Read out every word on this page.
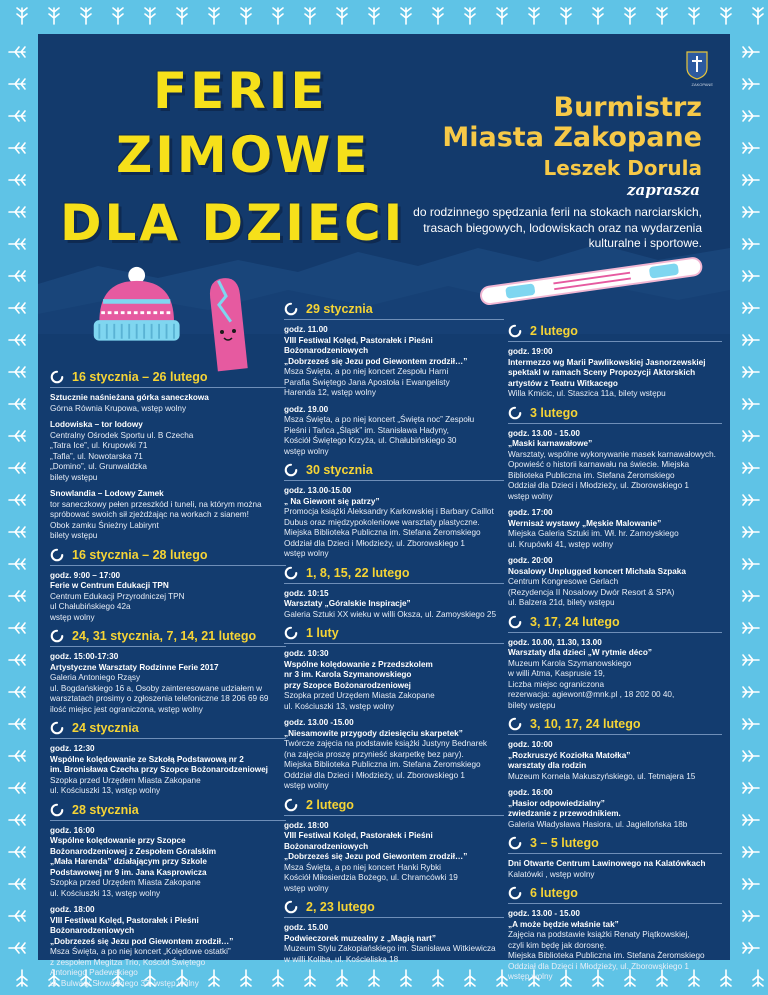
FERIE
ZIMOWE
DLA DZIECI
ZAKOPANE
Burmistrz
Miasta Zakopane
Leszek Dorula
zaprasza
do rodzinnego spędzania ferii na stokach narciarskich, trasach biegowych, lodowiskach oraz na wydarzenia kulturalne i sportowe.
16 stycznia – 26 lutego
Sztucznie naśnieżana górka saneczkowa
Górna Równia Krupowa, wstęp wolny
Lodowiska – tor lodowy
Centralny Ośrodek Sportu ul. B Czecha
„Tatra Ice”, ul. Krupowki 71
„Tafla”, ul. Nowotarska 71
„Domino”, ul. Grunwaldzka
bilety wstępu
Snowlandia – Lodowy Zamek
tor saneczkowy pełen przeszkód i tuneli, na którym można
spróbować swoich sił zjeżdżając na workach z sianem!
Obok zamku Śnieżny Labirynt
bilety wstępu
16 stycznia – 28 lutego
godz. 9:00 – 17:00
Ferie w Centrum Edukacji TPN
Centrum Edukacji Przyrodniczej TPN
ul Chałubińskiego 42a
wstęp wolny
24, 31 stycznia, 7, 14, 21 lutego
godz. 15:00-17:30
Artystyczne Warsztaty Rodzinne Ferie 2017
Galeria Antoniego Rząsy
ul. Bogdańskiego 16 a, Osoby zainteresowane udziałem w
warsztatach prosimy o zgłoszenia telefoniczne 18 206 69 69
ilość miejsc jest ograniczona, wstęp wolny
24 stycznia
godz. 12:30
Wspólne kolędowanie ze Szkołą Podstawową nr 2
im. Bronisława Czecha przy Szopce Bożonarodzeniowej
Szopka przed Urzędem Miasta Zakopane
ul. Kościuszki 13, wstęp wolny
28 stycznia
godz. 16:00
Wspólne kolędowanie przy Szopce
Bożonarodzeniowej z Zespołem Góralskim
„Mała Harenda” działającym przy Szkole
Podstawowej nr 9 im. Jana Kasprowicza
Szopka przed Urzędem Miasta Zakopane
ul. Kościuszki 13, wstęp wolny
godz. 18:00
VIII Festiwal Kolęd, Pastorałek i Pieśni
Bożonarodzeniowych
„Dobrzeześ się Jezu pod Giewontem zrodził…”
Msza Święta, a po niej koncert „Kolędowe ostatki”
z zespołem Megitza Trio, Kościół Świętego
Antoniego Padewskiego
ul. Bulwary Słowackiego 33, wstęp wolny
29 stycznia
godz. 11.00
VIII Festiwal Kolęd, Pastorałek i Pieśni
Bożonarodzeniowych
„Dobrzeześ się Jezu pod Giewontem zrodził…”
Msza Święta, a po niej koncert Zespołu Harni
Parafia Świętego Jana Apostoła i Ewangelisty
Harenda 12, wstęp wolny
godz. 19.00
Msza Święta, a po niej koncert „Święta noc” Zespołu
Pieśni i Tańca „Śląsk” im. Stanisława Hadyny,
Kościół Świętego Krzyża, ul. Chałubińskiego 30
wstęp wolny
30 stycznia
godz. 13.00-15.00
„ Na Giewont się patrzy”
Promocja książki Aleksandry Karkowskiej i Barbary Caillot
Dubus oraz międzypokoleniowe warsztaty plastyczne.
Miejska Biblioteka Publiczna im. Stefana Żeromskiego
Oddział dla Dzieci i Młodzieży, ul. Zborowskiego 1
wstęp wolny
1, 8, 15, 22 lutego
godz. 10:15
Warsztaty „Góralskie Inspiracje”
Galeria Sztuki XX wieku w willi Oksza, ul. Zamoyskiego 25
1 luty
godz. 10:30
Wspólne kolędowanie z Przedszkolem
nr 3 im. Karola Szymanowskiego
przy Szopce Bożonarodzeniowej
Szopka przed Urzędem Miasta Zakopane
ul. Kościuszki 13, wstęp wolny
godz. 13.00 -15.00
„Niesamowite przygody dziesięciu skarpetek”
Twórcze zajęcia na podstawie książki Justyny Bednarek
(na zajęcia proszę przynieść skarpetkę bez pary).
Miejska Biblioteka Publiczna im. Stefana Żeromskiego
Oddział dla Dzieci i Młodzieży, ul. Zborowskiego 1
wstęp wolny
2 lutego
godz. 18:00
VIII Festiwal Kolęd, Pastorałek i Pieśni
Bożonarodzeniowych
„Dobrzeześ się Jezu pod Giewontem zrodził…”
Msza Święta, a po niej koncert Hanki Rybki
Kościół Miłosierdzia Bożego, ul. Chramcówki 19
wstęp wolny
2, 23 lutego
godz. 15.00
Podwieczorek muzealny z „Magią nart”
Muzeum Stylu Zakopiańskiego im. Stanisława Witkiewicza
w willi Koliba, ul. Kościeliska 18
2 lutego
godz. 19:00
Intermezzo wg Marii Pawlikowskiej Jasnorzewskiej
spektakl w ramach Sceny Propozycji Aktorskich
artystów z Teatru Witkacego
Willa Kmicic, ul. Staszica 11a, bilety wstępu
3 lutego
godz. 13.00 - 15.00
„Maski karnawałowe”
Warsztaty, wspólne wykonywanie masek karnawałowych.
Opowieść o historii karnawału na świecie. Miejska
Biblioteka Publiczna im. Stefana Żeromskiego
Oddział dla Dzieci i Młodzieży, ul. Zborowskiego 1
wstęp wolny
godz. 17:00
Wernisaż wystawy „Męskie Malowanie”
Miejska Galeria Sztuki im. Wł. hr. Zamoyskiego
ul. Krupówki 41, wstęp wolny
godz. 20:00
Nosalowy Unplugged koncert Michała Szpaka
Centrum Kongresowe Gerlach
(Rezydencja II Nosalowy Dwór Resort & SPA)
ul. Balzera 21d, bilety wstępu
3, 17, 24 lutego
godz. 10.00, 11.30, 13.00
Warsztaty dla dzieci „W rytmie déco”
Muzeum Karola Szymanowskiego
w willi Atma, Kasprusie 19,
Liczba miejsc ograniczona
rezerwacja: agiewont@mnk.pl , 18 202 00 40,
bilety wstępu
3, 10, 17, 24 lutego
godz. 10:00
„Rozkruszyć Koziołka Matołka”
warsztaty dla rodzin
Muzeum Kornela Makuszyńskiego, ul. Tetmajera 15
godz. 16:00
„Hasior odpowiedzialny”
zwiedzanie z przewodnikiem.
Galeria Władysława Hasiora, ul. Jagiellońska 18b
3 – 5 lutego
Dni Otwarte Centrum Lawinowego na Kalatówkach
Kalatówki , wstęp wolny
6 lutego
godz. 13.00 - 15.00
„A może będzie właśnie tak”
Zajęcia na podstawie książki Renaty Piątkowskiej,
czyli kim będę jak dorosnę.
Miejska Biblioteka Publiczna im. Stefana Żeromskiego
Oddział dla Dzieci i Młodzieży, ul. Zborowskiego 1
wstęp wolny
